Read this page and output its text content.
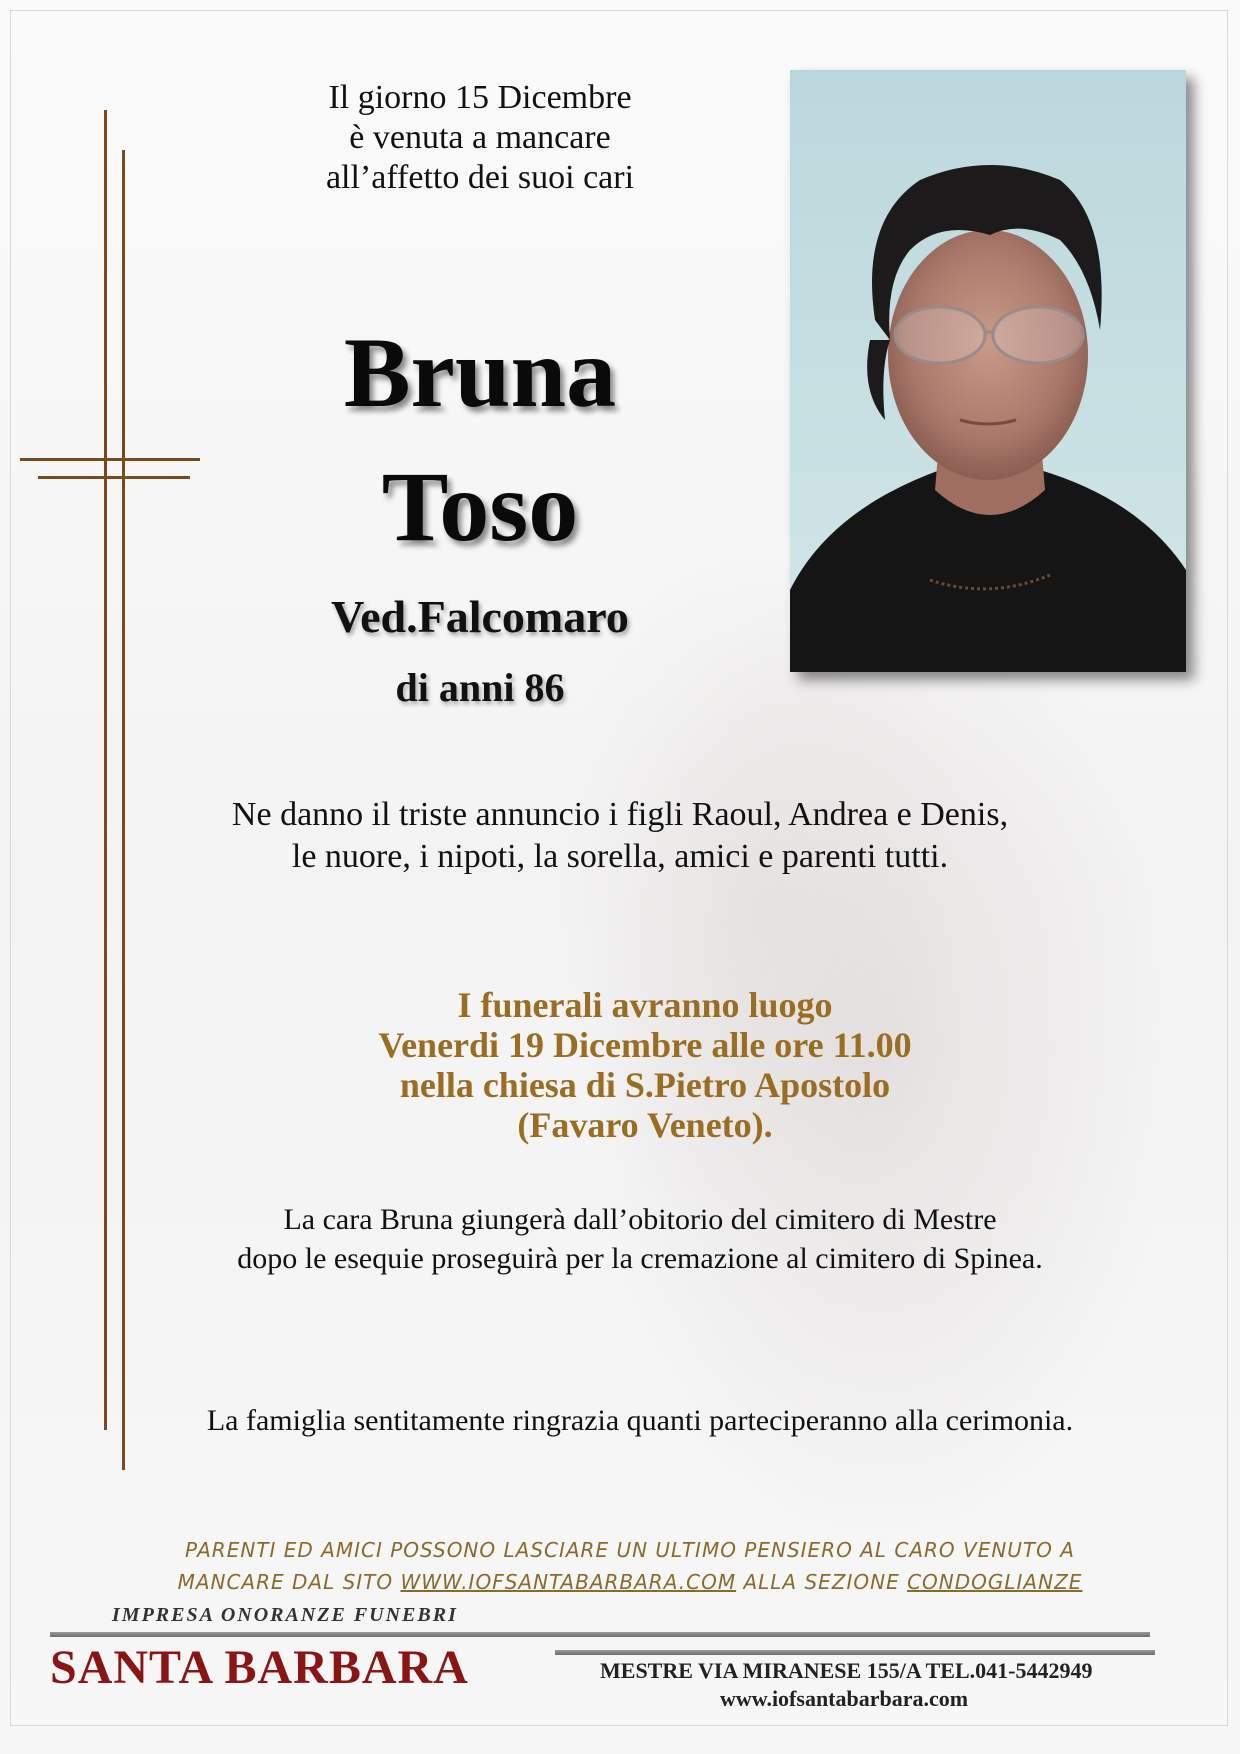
Il giorno 15 Dicembre
è venuta a mancare
all’affetto dei suoi cari
Bruna
Toso
Ved.Falcomaro
di anni 86
Ne danno il triste annuncio i figli Raoul, Andrea e Denis,
le nuore, i nipoti, la sorella, amici e parenti tutti.
I funerali avranno luogo
Venerdi 19 Dicembre alle ore 11.00
nella chiesa di S.Pietro Apostolo
(Favaro Veneto).
La cara Bruna giungerà dall’obitorio del cimitero di Mestre
dopo le esequie proseguirà per la cremazione al cimitero di Spinea.
La famiglia sentitamente ringrazia quanti parteciperanno alla cerimonia.
PARENTI ED AMICI POSSONO LASCIARE UN ULTIMO PENSIERO AL CARO VENUTO A
MANCARE DAL SITO WWW.IOFSANTABARBARA.COM ALLA SEZIONE CONDOGLIANZE
IMPRESA ONORANZE FUNEBRI
SANTA BARBARA	MESTRE VIA MIRANESE 155/A TEL.041-5442949
www.iofsantabarbara.com
